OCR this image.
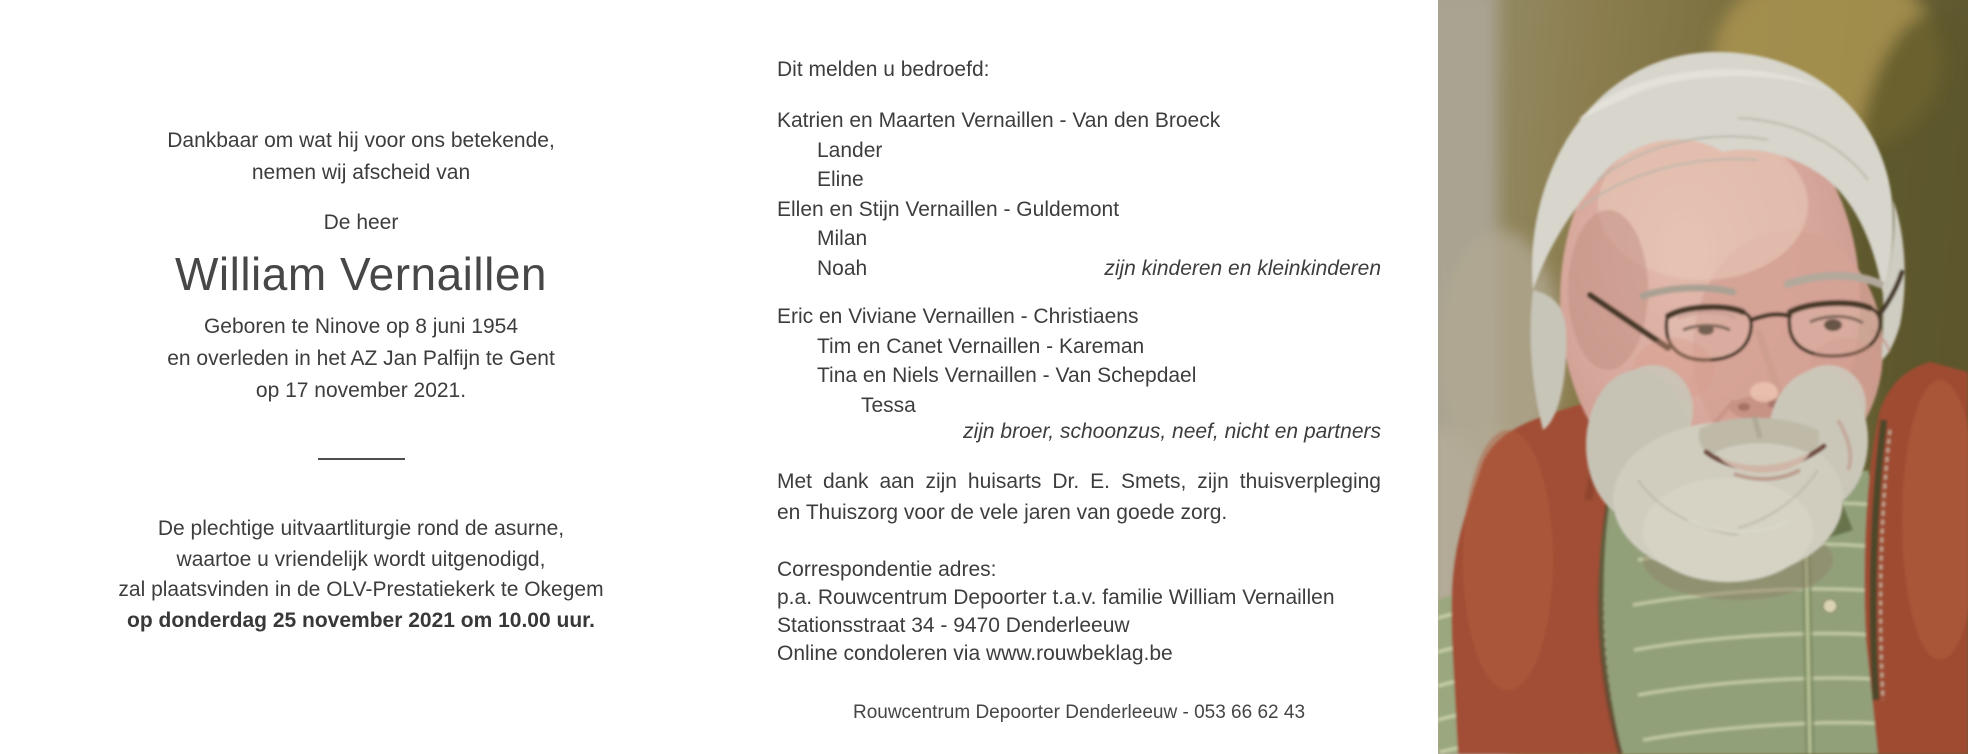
Dankbaar om wat hij voor ons betekende,
nemen wij afscheid van
De heer
William Vernaillen
Geboren te Ninove op 8 juni 1954
en overleden in het AZ Jan Palfijn te Gent
op 17 november 2021.
De plechtige uitvaartliturgie rond de asurne,
waartoe u vriendelijk wordt uitgenodigd,
zal plaatsvinden in de OLV-Prestatiekerk te Okegem
op donderdag 25 november 2021 om 10.00 uur.
Dit melden u bedroefd:
Katrien en Maarten Vernaillen - Van den Broeck
Lander
Eline
Ellen en Stijn Vernaillen - Guldemont
Milan
Noah	zijn kinderen en kleinkinderen
Eric en Viviane Vernaillen - Christiaens
Tim en Canet Vernaillen - Kareman
Tina en Niels Vernaillen - Van Schepdael
Tessa
zijn broer, schoonzus, neef, nicht en partners
Met dank aan zijn huisarts Dr. E. Smets, zijn thuisverpleging
en Thuiszorg voor de vele jaren van goede zorg.
Correspondentie adres:
p.a. Rouwcentrum Depoorter t.a.v. familie William Vernaillen
Stationsstraat 34 - 9470 Denderleeuw
Online condoleren via www.rouwbeklag.be
Rouwcentrum Depoorter Denderleeuw - 053 66 62 43
